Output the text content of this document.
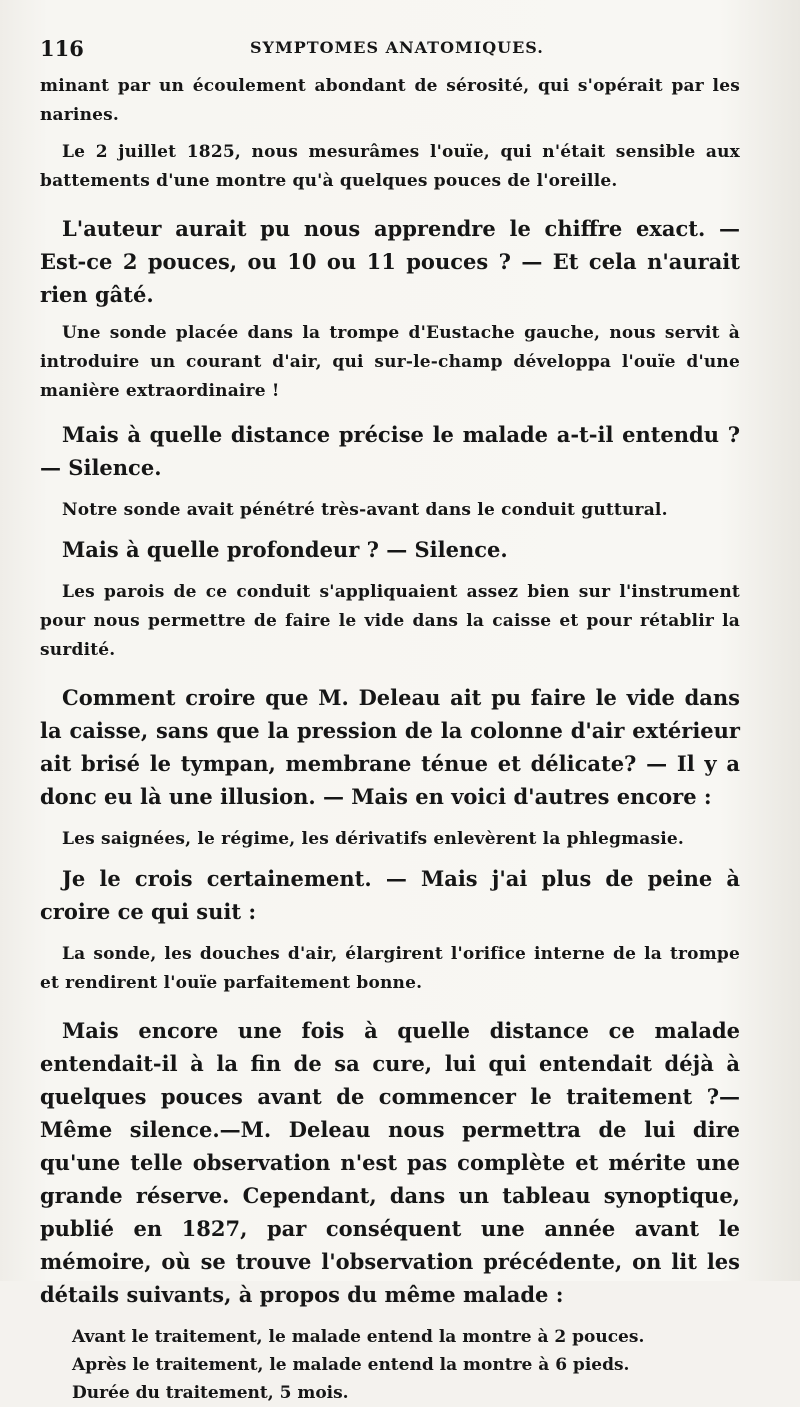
116	SYMPTOMES ANATOMIQUES.

minant par un écoulement abondant de sérosité, qui s'opérait par les narines.

Le 2 juillet 1825, nous mesurâmes l'ouïe, qui n'était sensible aux battements d'une montre qu'à quelques pouces de l'oreille.

L'auteur aurait pu nous apprendre le chiffre exact. — Est-ce 2 pouces, ou 10 ou 11 pouces ? — Et cela n'aurait rien gâté.

Une sonde placée dans la trompe d'Eustache gauche, nous servit à introduire un courant d'air, qui sur-le-champ développa l'ouïe d'une manière extraordinaire !

Mais à quelle distance précise le malade a-t-il entendu ? — Silence.

Notre sonde avait pénétré très-avant dans le conduit guttural.

Mais à quelle profondeur ? — Silence.

Les parois de ce conduit s'appliquaient assez bien sur l'instrument pour nous permettre de faire le vide dans la caisse et pour rétablir la surdité.

Comment croire que M. Deleau ait pu faire le vide dans la caisse, sans que la pression de la colonne d'air extérieur ait brisé le tympan, membrane ténue et délicate? — Il y a donc eu là une illusion. — Mais en voici d'autres encore :

Les saignées, le régime, les dérivatifs enlevèrent la phlegmasie.

Je le crois certainement. — Mais j'ai plus de peine à croire ce qui suit :

La sonde, les douches d'air, élargirent l'orifice interne de la trompe et rendirent l'ouïe parfaitement bonne.

Mais encore une fois à quelle distance ce malade entendait-il à la fin de sa cure, lui qui entendait déjà à quelques pouces avant de commencer le traitement ?—Même silence.—M. Deleau nous permettra de lui dire qu'une telle observation n'est pas complète et mérite une grande réserve. Cependant, dans un tableau synoptique, publié en 1827, par conséquent une année avant le mémoire, où se trouve l'observation précédente, on lit les détails suivants, à propos du même malade :

Avant le traitement, le malade entend la montre à 2 pouces.
Après le traitement, le malade entend la montre à 6 pieds.
Durée du traitement, 5 mois.
